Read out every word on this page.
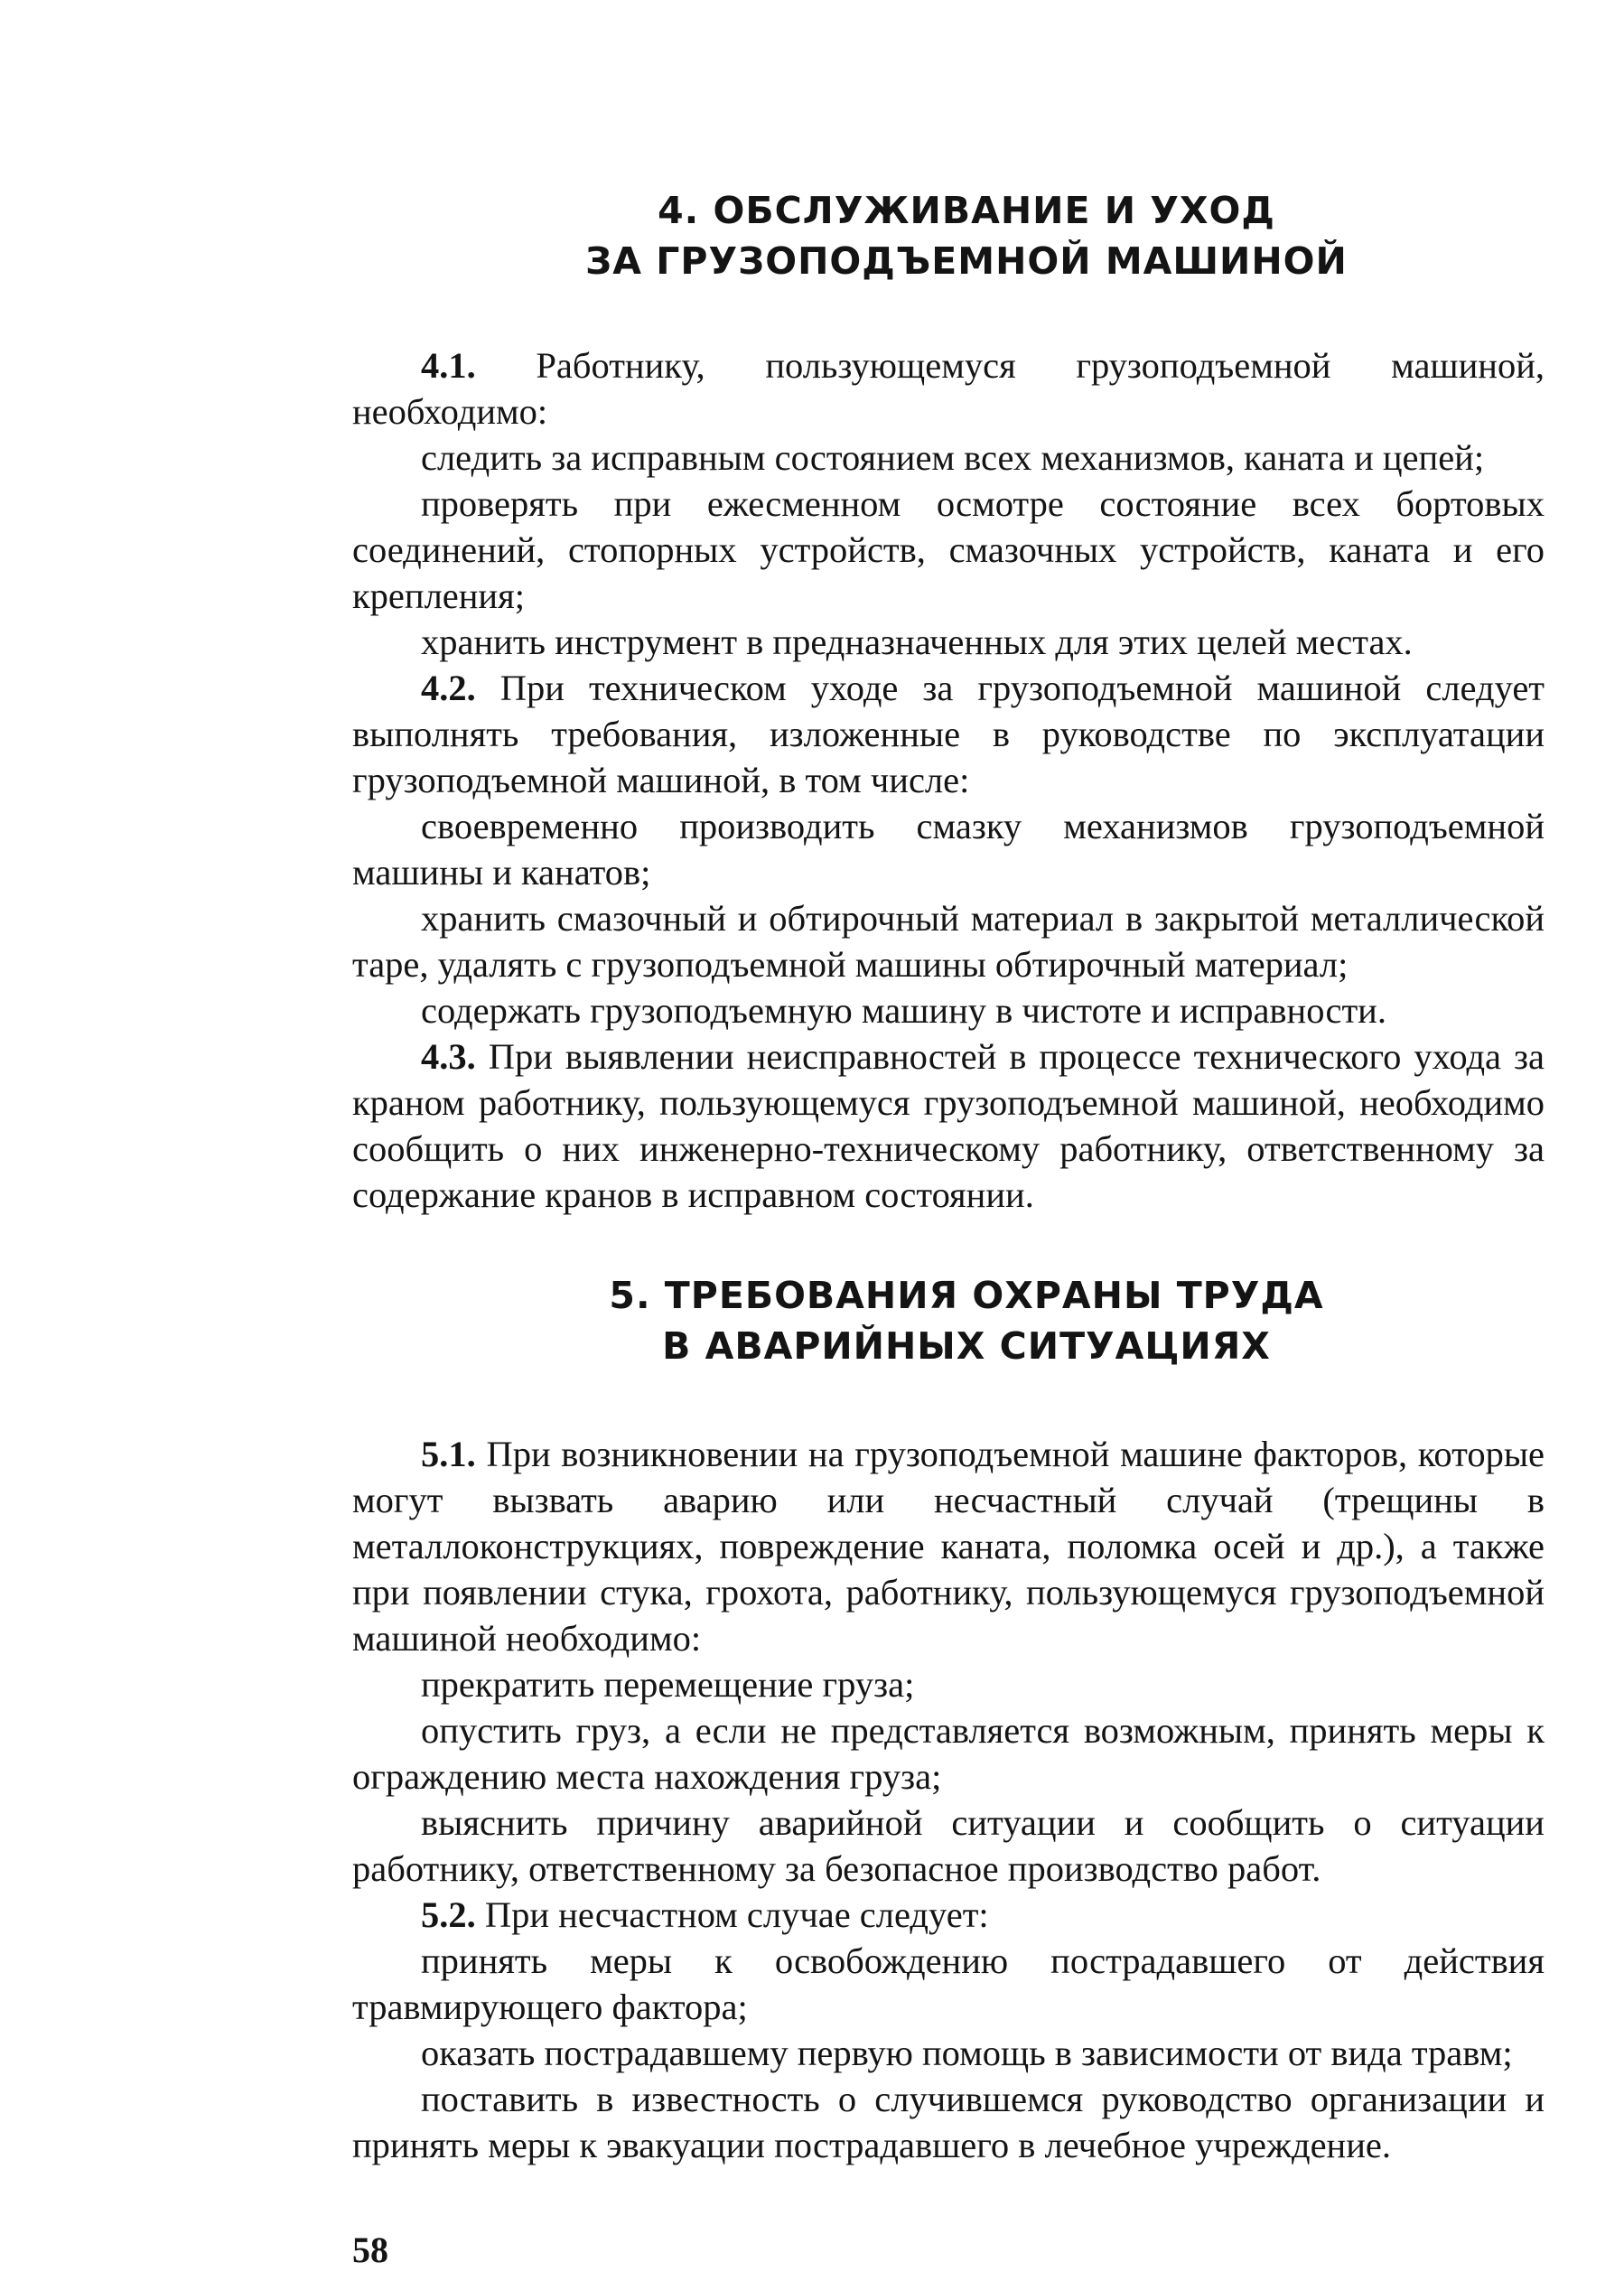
4. ОБСЛУЖИВАНИЕ И УХОД
ЗА ГРУЗОПОДЪЕМНОЙ МАШИНОЙ

4.1. Работнику, пользующемуся грузоподъемной машиной, необходимо:

следить за исправным состоянием всех механизмов, каната и цепей;

проверять при ежесменном осмотре состояние всех бортовых соединений, стопорных устройств, смазочных устройств, каната и его крепления;

хранить инструмент в предназначенных для этих целей местах.

4.2. При техническом уходе за грузоподъемной машиной следует выполнять требования, изложенные в руководстве по эксплуатации грузоподъемной машиной, в том числе:

своевременно производить смазку механизмов грузоподъемной машины и канатов;

хранить смазочный и обтирочный материал в закрытой металлической таре, удалять с грузоподъемной машины обтирочный материал;

содержать грузоподъемную машину в чистоте и исправности.

4.3. При выявлении неисправностей в процессе технического ухода за краном работнику, пользующемуся грузоподъемной машиной, необходимо сообщить о них инженерно-техническому работнику, ответственному за содержание кранов в исправном состоянии.

5. ТРЕБОВАНИЯ ОХРАНЫ ТРУДА
В АВАРИЙНЫХ СИТУАЦИЯХ

5.1. При возникновении на грузоподъемной машине факторов, которые могут вызвать аварию или несчастный случай (трещины в металлоконструкциях, повреждение каната, поломка осей и др.), а также при появлении стука, грохота, работнику, пользующемуся грузоподъемной машиной необходимо:

прекратить перемещение груза;

опустить груз, а если не представляется возможным, принять меры к ограждению места нахождения груза;

выяснить причину аварийной ситуации и сообщить о ситуации работнику, ответственному за безопасное производство работ.

5.2. При несчастном случае следует:

принять меры к освобождению пострадавшего от действия травмирующего фактора;

оказать пострадавшему первую помощь в зависимости от вида травм;

поставить в известность о случившемся руководство организации и принять меры к эвакуации пострадавшего в лечебное учреждение.

58
